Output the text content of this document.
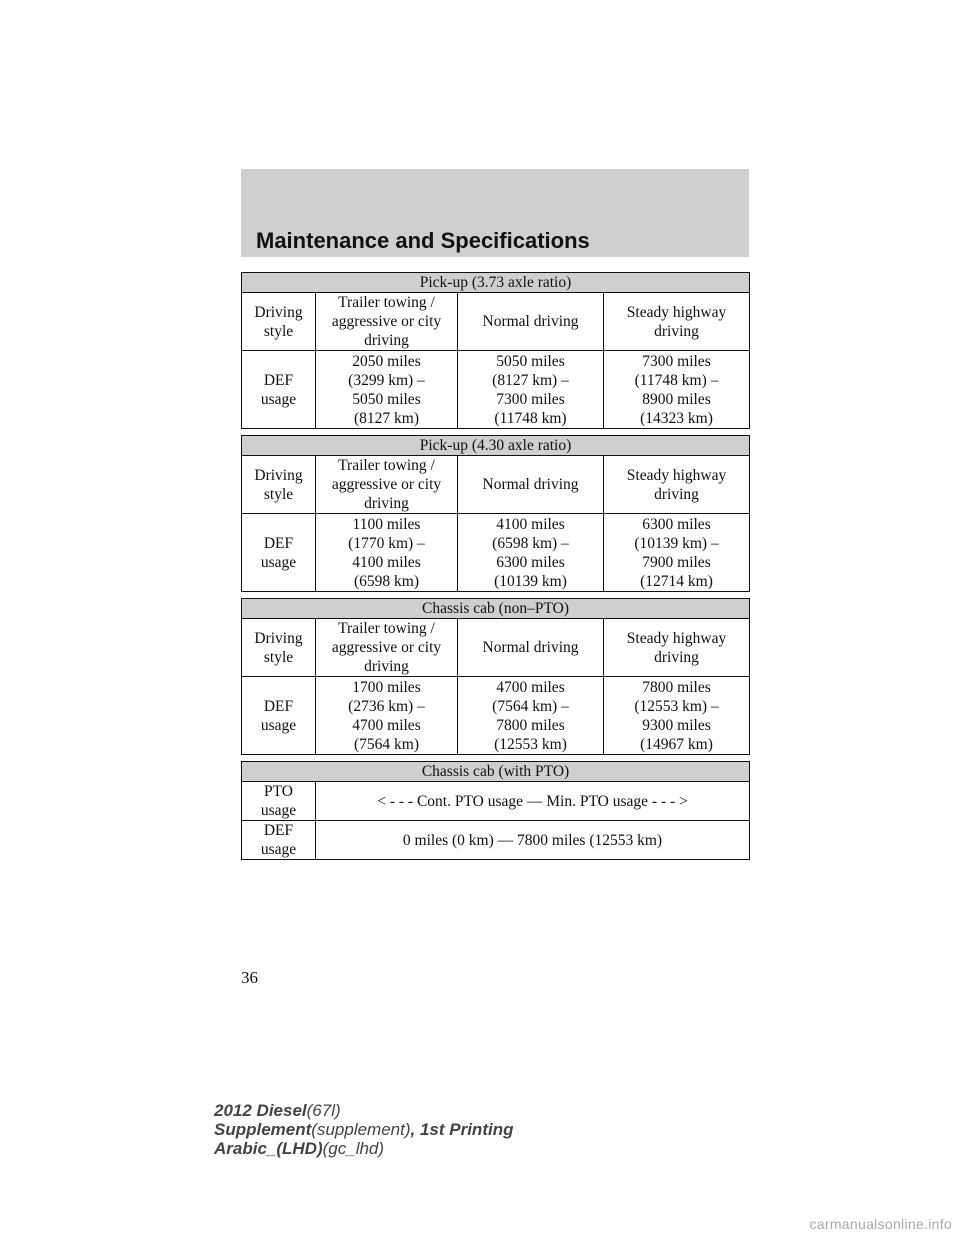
Maintenance and Specifications
Pick-up (3.73 axle ratio)			
Driving
style	Trailer towing /
aggressive or city
driving	Normal driving	Steady highway
driving
DEF
usage	2050 miles
(3299 km) –
5050 miles
(8127 km)	5050 miles
(8127 km) –
7300 miles
(11748 km)	7300 miles
(11748 km) –
8900 miles
(14323 km)
Pick-up (4.30 axle ratio)			
Driving
style	Trailer towing /
aggressive or city
driving	Normal driving	Steady highway
driving
DEF
usage	1100 miles
(1770 km) –
4100 miles
(6598 km)	4100 miles
(6598 km) –
6300 miles
(10139 km)	6300 miles
(10139 km) –
7900 miles
(12714 km)
Chassis cab (non–PTO)			
Driving
style	Trailer towing /
aggressive or city
driving	Normal driving	Steady highway
driving
DEF
usage	1700 miles
(2736 km) –
4700 miles
(7564 km)	4700 miles
(7564 km) –
7800 miles
(12553 km)	7800 miles
(12553 km) –
9300 miles
(14967 km)
Chassis cab (with PTO)	
PTO
usage	< - - - Cont. PTO usage — Min. PTO usage - - - >
DEF
usage	0 miles (0 km) — 7800 miles (12553 km)
36
2012 Diesel(67l)
Supplement(supplement), 1st Printing
Arabic_(LHD)(gc_lhd)
carmanualsonline.info
